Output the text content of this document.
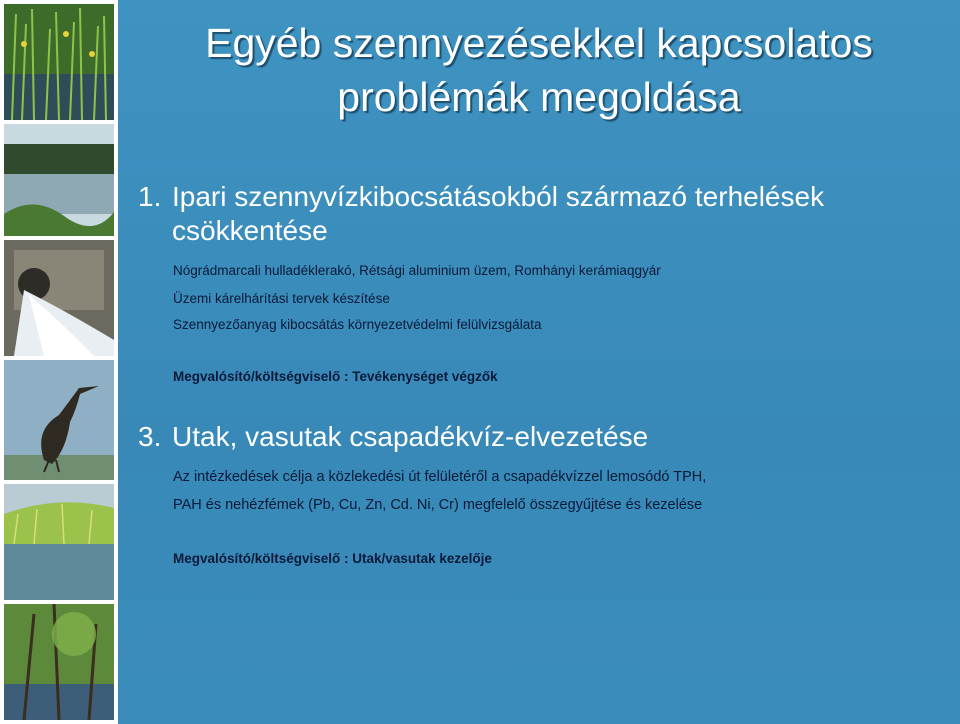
Egyéb szennyezésekkel kapcsolatos
problémák megoldása
1. Ipari szennyvízkibocsátásokból származó terhelések
csökkentése
Nógrádmarcali hulladéklerakó, Rétsági aluminium üzem, Romhányi kerámiaqgyár
Üzemi kárelhárítási tervek készítése
Szennyezőanyag kibocsátás környezetvédelmi felülvizsgálata
Megvalósító/költségviselő : Tevékenységet végzők
3. Utak, vasutak csapadékvíz-elvezetése
Az intézkedések célja a közlekedési út felületéről a csapadékvízzel lemosódó TPH,
PAH és nehézfémek (Pb, Cu, Zn, Cd. Ni, Cr) megfelelő összegyűjtése és kezelése
Megvalósító/költségviselő : Utak/vasutak kezelője
